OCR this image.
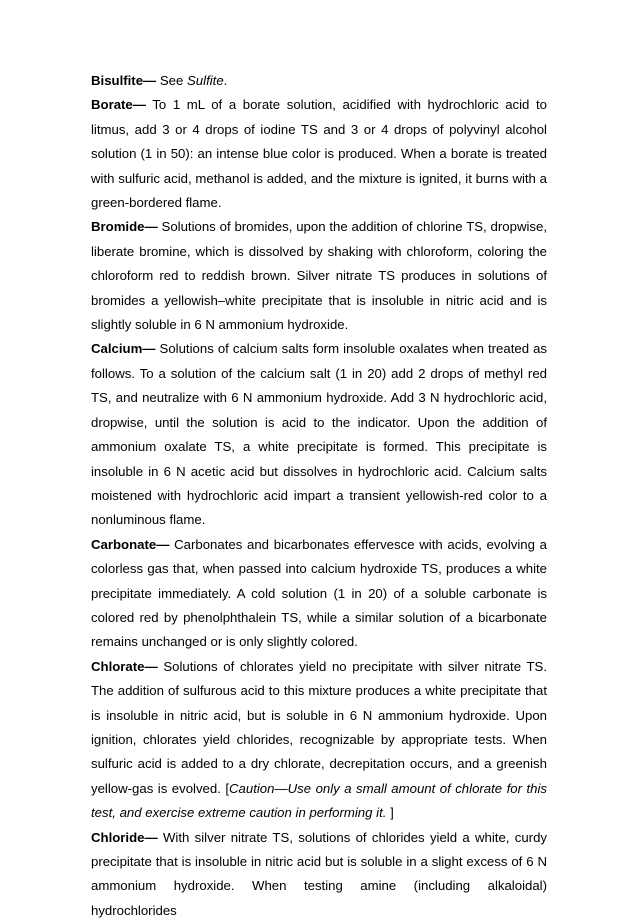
Bisulfite— See Sulfite.

Borate— To 1 mL of a borate solution, acidified with hydrochloric acid to litmus, add 3 or 4 drops of iodine TS and 3 or 4 drops of polyvinyl alcohol solution (1 in 50): an intense blue color is produced. When a borate is treated with sulfuric acid, methanol is added, and the mixture is ignited, it burns with a green-bordered flame.

Bromide— Solutions of bromides, upon the addition of chlorine TS, dropwise, liberate bromine, which is dissolved by shaking with chloroform, coloring the chloroform red to reddish brown. Silver nitrate TS produces in solutions of bromides a yellowish–white precipitate that is insoluble in nitric acid and is slightly soluble in 6 N ammonium hydroxide.

Calcium— Solutions of calcium salts form insoluble oxalates when treated as follows. To a solution of the calcium salt (1 in 20) add 2 drops of methyl red TS, and neutralize with 6 N ammonium hydroxide. Add 3 N hydrochloric acid, dropwise, until the solution is acid to the indicator. Upon the addition of ammonium oxalate TS, a white precipitate is formed. This precipitate is insoluble in 6 N acetic acid but dissolves in hydrochloric acid. Calcium salts moistened with hydrochloric acid impart a transient yellowish-red color to a nonluminous flame.

Carbonate— Carbonates and bicarbonates effervesce with acids, evolving a colorless gas that, when passed into calcium hydroxide TS, produces a white precipitate immediately. A cold solution (1 in 20) of a soluble carbonate is colored red by phenolphthalein TS, while a similar solution of a bicarbonate remains unchanged or is only slightly colored.

Chlorate— Solutions of chlorates yield no precipitate with silver nitrate TS. The addition of sulfurous acid to this mixture produces a white precipitate that is insoluble in nitric acid, but is soluble in 6 N ammonium hydroxide. Upon ignition, chlorates yield chlorides, recognizable by appropriate tests. When sulfuric acid is added to a dry chlorate, decrepitation occurs, and a greenish yellow-gas is evolved. [Caution—Use only a small amount of chlorate for this test, and exercise extreme caution in performing it. ]

Chloride— With silver nitrate TS, solutions of chlorides yield a white, curdy precipitate that is insoluble in nitric acid but is soluble in a slight excess of 6 N ammonium hydroxide. When testing amine (including alkaloidal) hydrochlorides
